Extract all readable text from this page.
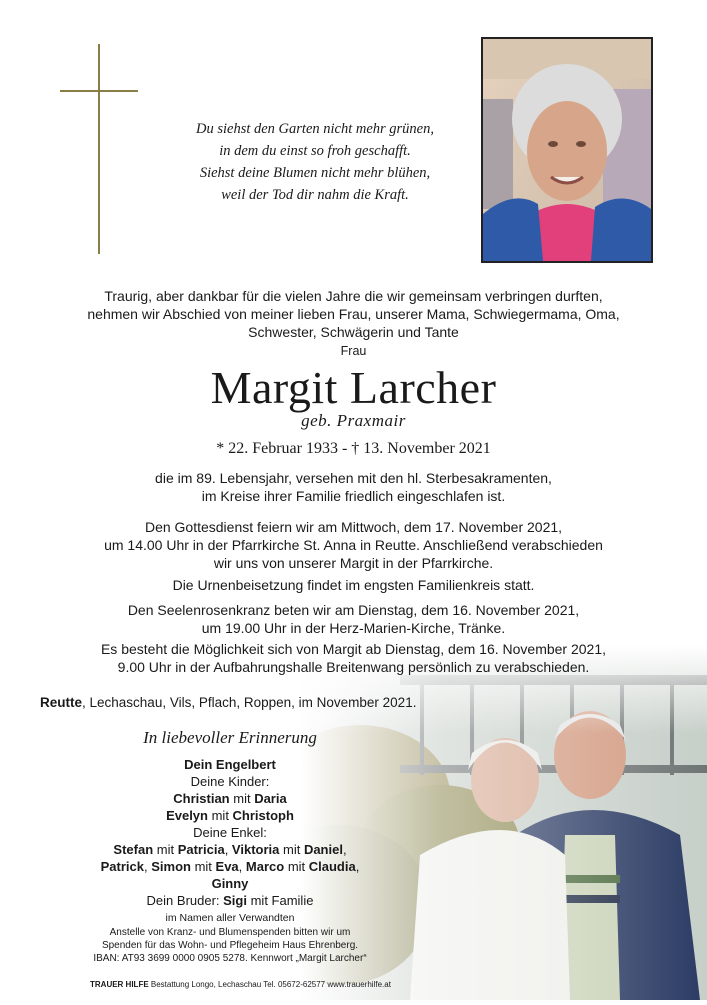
Du siehst den Garten nicht mehr grünen,
in dem du einst so froh geschafft.
Siehst deine Blumen nicht mehr blühen,
weil der Tod dir nahm die Kraft.
Traurig, aber dankbar für die vielen Jahre die wir gemeinsam verbringen durften,
nehmen wir Abschied von meiner lieben Frau, unserer Mama, Schwiegermama, Oma,
Schwester, Schwägerin und Tante
Frau
Margit Larcher
geb. Praxmair
* 22. Februar 1933 - † 13. November 2021
die im 89. Lebensjahr, versehen mit den hl. Sterbesakramenten,
im Kreise ihrer Familie friedlich eingeschlafen ist.
Den Gottesdienst feiern wir am Mittwoch, dem 17. November 2021,
um 14.00 Uhr in der Pfarrkirche St. Anna in Reutte. Anschließend verabschieden
wir uns von unserer Margit in der Pfarrkirche.
Die Urnenbeisetzung findet im engsten Familienkreis statt.
Den Seelenrosenkranz beten wir am Dienstag, dem 16. November 2021,
um 19.00 Uhr in der Herz-Marien-Kirche, Tränke.
Es besteht die Möglichkeit sich von Margit ab Dienstag, dem 16. November 2021,
9.00 Uhr in der Aufbahrungshalle Breitenwang persönlich zu verabschieden.
Reutte, Lechaschau, Vils, Pflach, Roppen, im November 2021.
In liebevoller Erinnerung
Dein Engelbert
Deine Kinder:
Christian mit Daria
Evelyn mit Christoph
Deine Enkel:
Stefan mit Patricia, Viktoria mit Daniel,
Patrick, Simon mit Eva, Marco mit Claudia,
Ginny
Dein Bruder: Sigi mit Familie
im Namen aller Verwandten
Anstelle von Kranz- und Blumenspenden bitten wir um
Spenden für das Wohn- und Pflegeheim Haus Ehrenberg.
IBAN: AT93 3699 0000 0905 5278. Kennwort „Margit Larcher“
TRAUER HILFE Bestattung Longo, Lechaschau Tel. 05672-62577 www.trauerhilfe.at
